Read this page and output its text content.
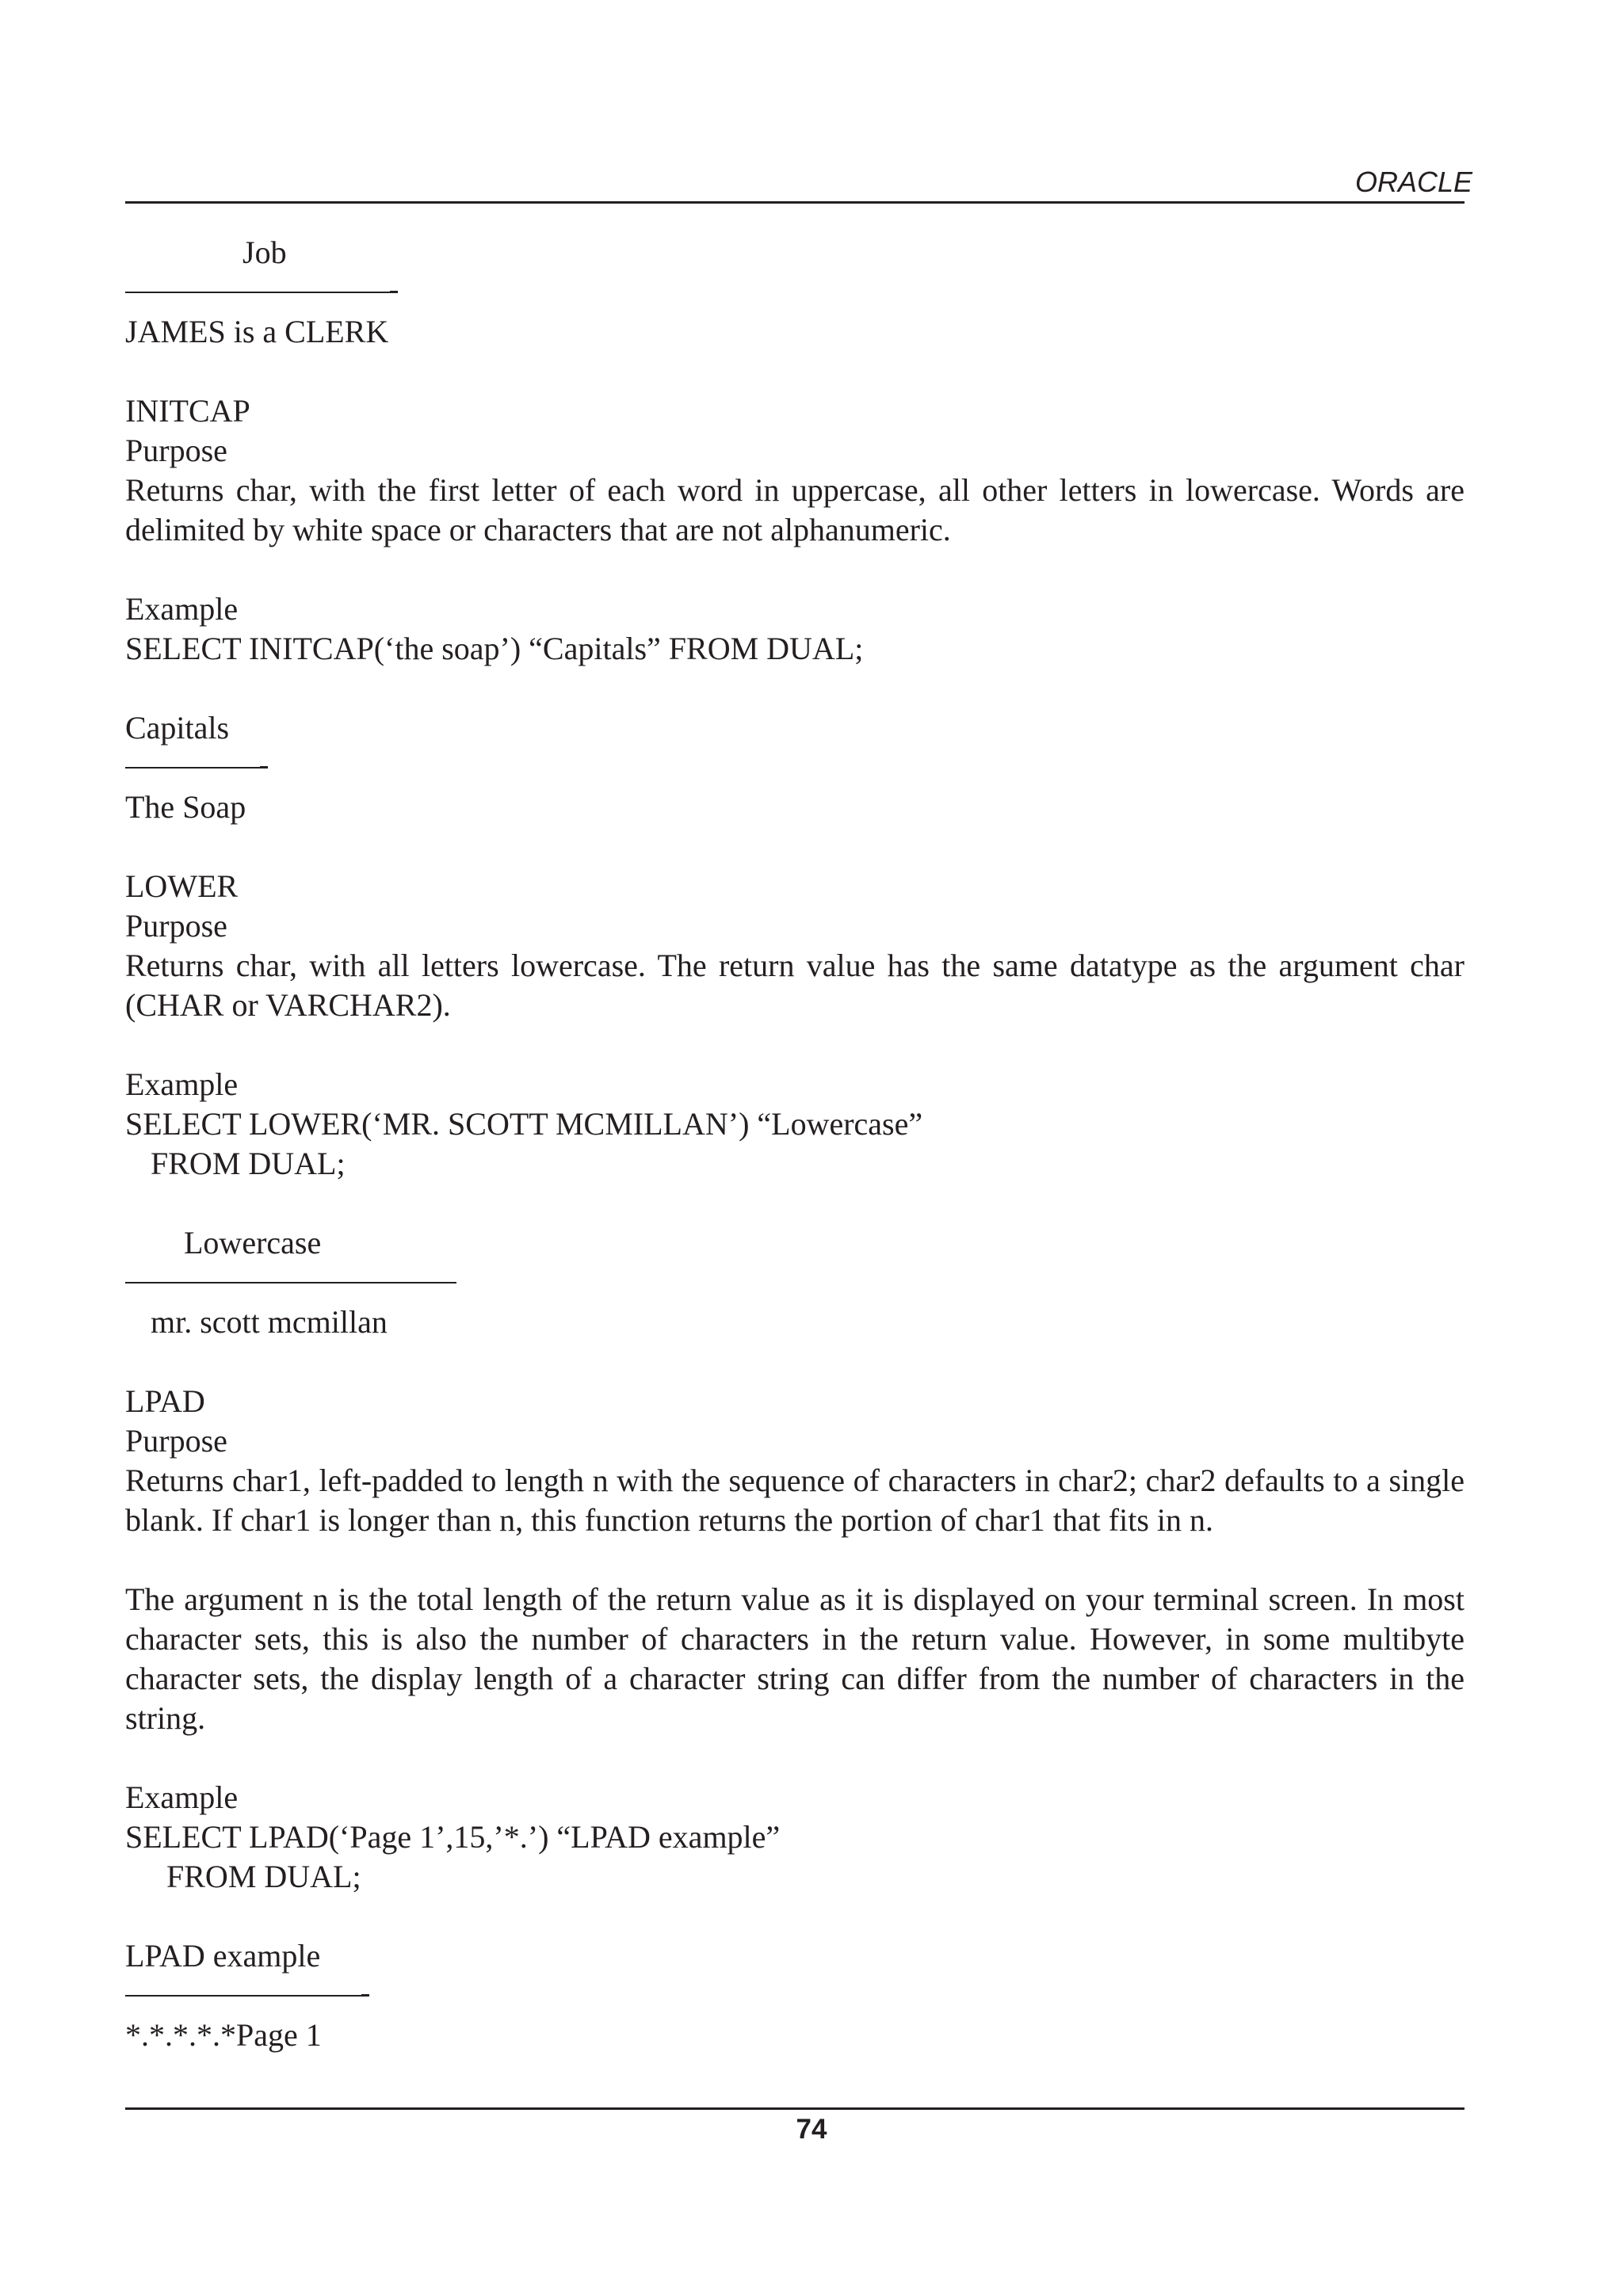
ORACLE
Job
JAMES is a CLERK
INITCAP
Purpose
Returns char, with the first letter of each word in uppercase, all other letters in lowercase. Words are delimited by white space or characters that are not alphanumeric.
Example
SELECT INITCAP(‘the soap’) “Capitals” FROM DUAL;
Capitals
The Soap
LOWER
Purpose
Returns char, with all letters lowercase. The return value has the same datatype as the argument char (CHAR or VARCHAR2).
Example
SELECT LOWER(‘MR. SCOTT MCMILLAN’) “Lowercase”
FROM DUAL;
Lowercase
mr. scott mcmillan
LPAD
Purpose
Returns char1, left-padded to length n with the sequence of characters in char2; char2 defaults to a single blank. If char1 is longer than n, this function returns the portion of char1 that fits in n.
The argument n is the total length of the return value as it is displayed on your terminal screen. In most character sets, this is also the number of characters in the return value. However, in some multibyte character sets, the display length of a character string can differ from the number of characters in the string.
Example
SELECT LPAD(‘Page 1’,15,’*.’) “LPAD example”
FROM DUAL;
LPAD example
*.*.*.*.*Page 1
74
